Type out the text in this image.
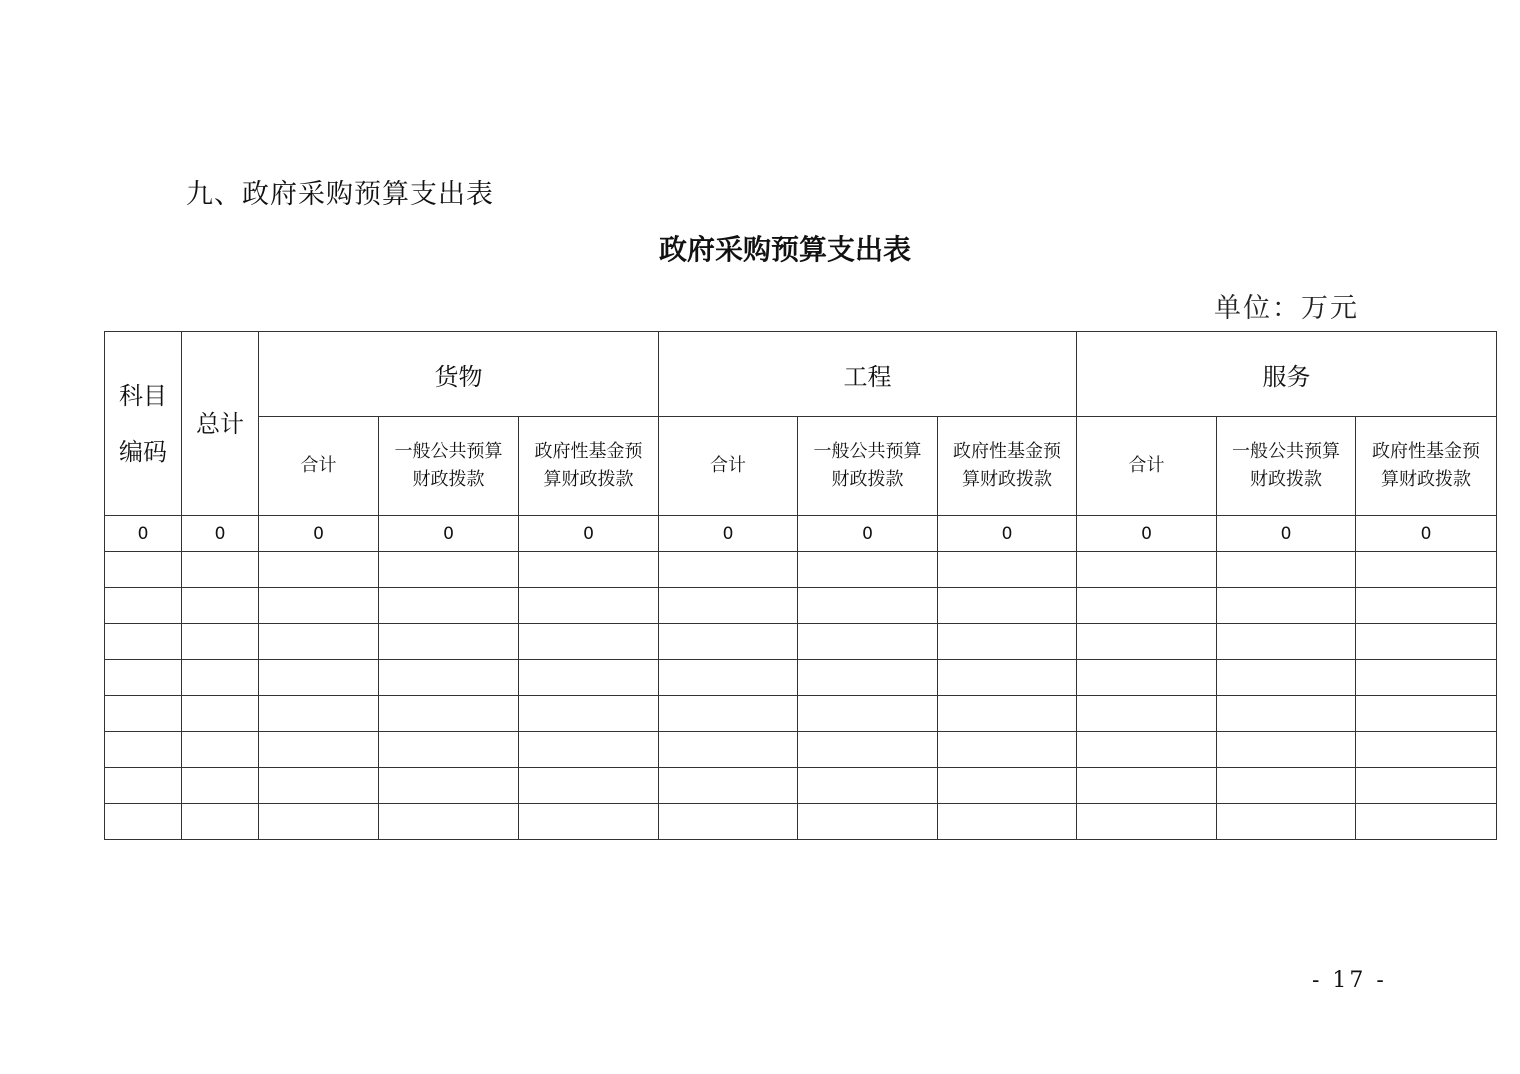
九、政府采购预算支出表
政府采购预算支出表
单位：万元
科目编码	总计	货物			工程			服务		
		合计	一般公共预算财政拨款	政府性基金预算财政拨款	合计	一般公共预算财政拨款	政府性基金预算财政拨款	合计	一般公共预算财政拨款	政府性基金预算财政拨款

0	0	0	0	0	0	0	0	0	0	0

- 17 -
